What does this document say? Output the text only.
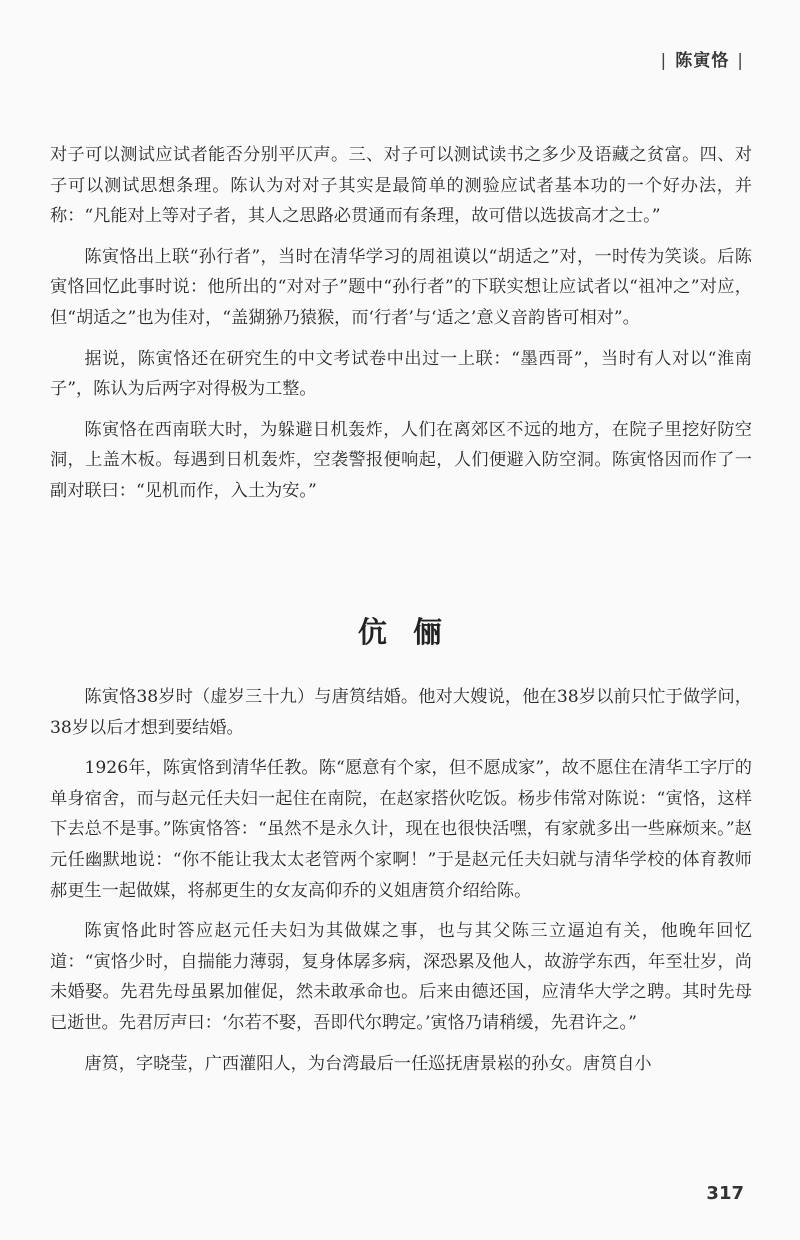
| 陈寅恪 |

对子可以测试应试者能否分别平仄声。三、对子可以测试读书之多少及语藏之贫富。四、对子可以测试思想条理。陈认为对对子其实是最简单的测验应试者基本功的一个好办法，并称：“凡能对上等对子者，其人之思路必贯通而有条理，故可借以选拔高才之士。”

陈寅恪出上联“孙行者”，当时在清华学习的周祖谟以“胡适之”对，一时传为笑谈。后陈寅恪回忆此事时说：他所出的“对对子”题中“孙行者”的下联实想让应试者以“祖冲之”对应，但“胡适之”也为佳对，“盖猢狲乃猿猴，而‘行者’与‘适之’意义音韵皆可相对”。

据说，陈寅恪还在研究生的中文考试卷中出过一上联：“墨西哥”，当时有人对以“淮南子”，陈认为后两字对得极为工整。

陈寅恪在西南联大时，为躲避日机轰炸，人们在离郊区不远的地方，在院子里挖好防空洞，上盖木板。每遇到日机轰炸，空袭警报便响起，人们便避入防空洞。陈寅恪因而作了一副对联曰：“见机而作，入土为安。”

伉俪

陈寅恪38岁时（虚岁三十九）与唐筼结婚。他对大嫂说，他在38岁以前只忙于做学问，38岁以后才想到要结婚。

1926年，陈寅恪到清华任教。陈“愿意有个家，但不愿成家”，故不愿住在清华工字厅的单身宿舍，而与赵元任夫妇一起住在南院，在赵家搭伙吃饭。杨步伟常对陈说：“寅恪，这样下去总不是事。”陈寅恪答：“虽然不是永久计，现在也很快活嘿，有家就多出一些麻烦来。”赵元任幽默地说：“你不能让我太太老管两个家啊！”于是赵元任夫妇就与清华学校的体育教师郝更生一起做媒，将郝更生的女友高仰乔的义姐唐筼介绍给陈。

陈寅恪此时答应赵元任夫妇为其做媒之事，也与其父陈三立逼迫有关，他晚年回忆道：“寅恪少时，自揣能力薄弱，复身体孱多病，深恐累及他人，故游学东西，年至壮岁，尚未婚娶。先君先母虽累加催促，然未敢承命也。后来由德还国，应清华大学之聘。其时先母已逝世。先君厉声曰：‘尔若不娶，吾即代尔聘定。’寅恪乃请稍缓，先君许之。”

唐筼，字晓莹，广西灌阳人，为台湾最后一任巡抚唐景崧的孙女。唐筼自小

317
